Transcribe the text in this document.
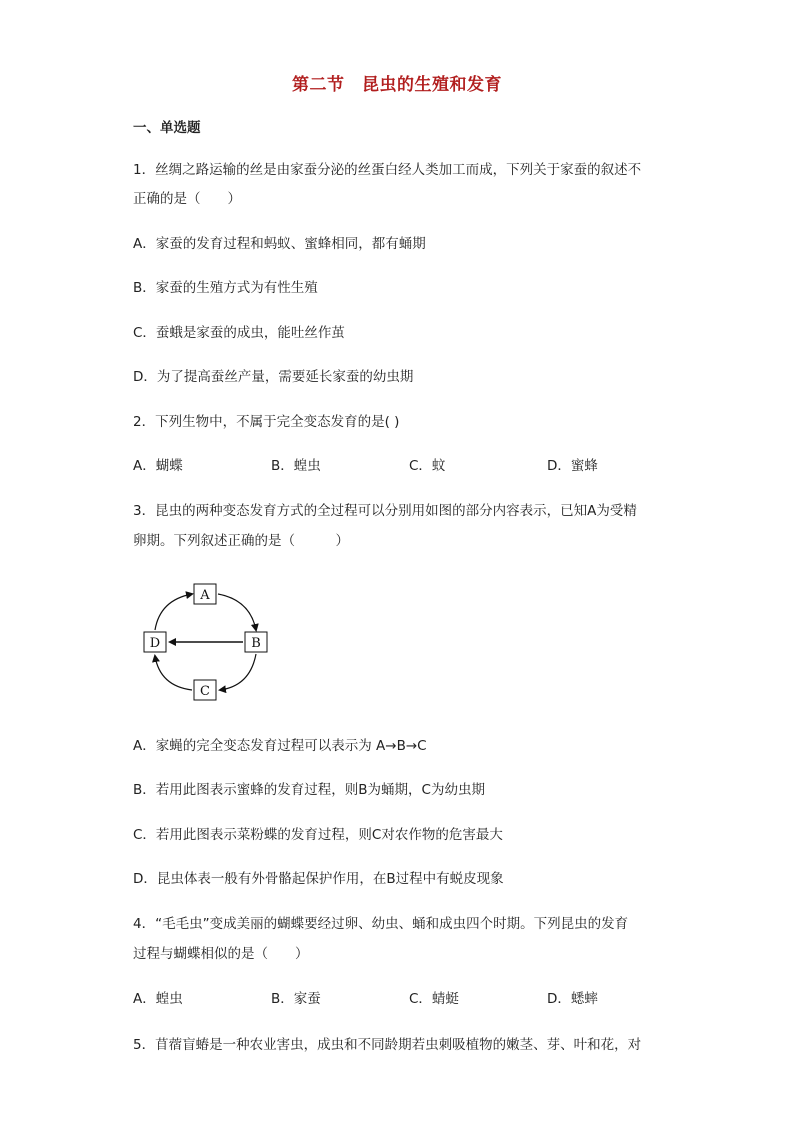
第二节　昆虫的生殖和发育
一、单选题
1．丝绸之路运输的丝是由家蚕分泌的丝蛋白经人类加工而成，下列关于家蚕的叙述不
正确的是（　　）
A．家蚕的发育过程和蚂蚁、蜜蜂相同，都有蛹期
B．家蚕的生殖方式为有性生殖
C．蚕蛾是家蚕的成虫，能吐丝作茧
D．为了提高蚕丝产量，需要延长家蚕的幼虫期
2．下列生物中，不属于完全变态发育的是( )
A．蝴蝶	B．蝗虫	C．蚊	D．蜜蜂
3．昆虫的两种变态发育方式的全过程可以分别用如图的部分内容表示，已知A为受精
卵期。下列叙述正确的是（　　　）
A
B
C
D
A．家蝇的完全变态发育过程可以表示为 A→B→C
B．若用此图表示蜜蜂的发育过程，则B为蛹期，C为幼虫期
C．若用此图表示菜粉蝶的发育过程，则C对农作物的危害最大
D．昆虫体表一般有外骨骼起保护作用，在B过程中有蜕皮现象
4．“毛毛虫”变成美丽的蝴蝶要经过卵、幼虫、蛹和成虫四个时期。下列昆虫的发育
过程与蝴蝶相似的是（　　）
A．蝗虫	B．家蚕	C．蜻蜓	D．蟋蟀
5．苜蓿盲蝽是一种农业害虫，成虫和不同龄期若虫刺吸植物的嫩茎、芽、叶和花，对
